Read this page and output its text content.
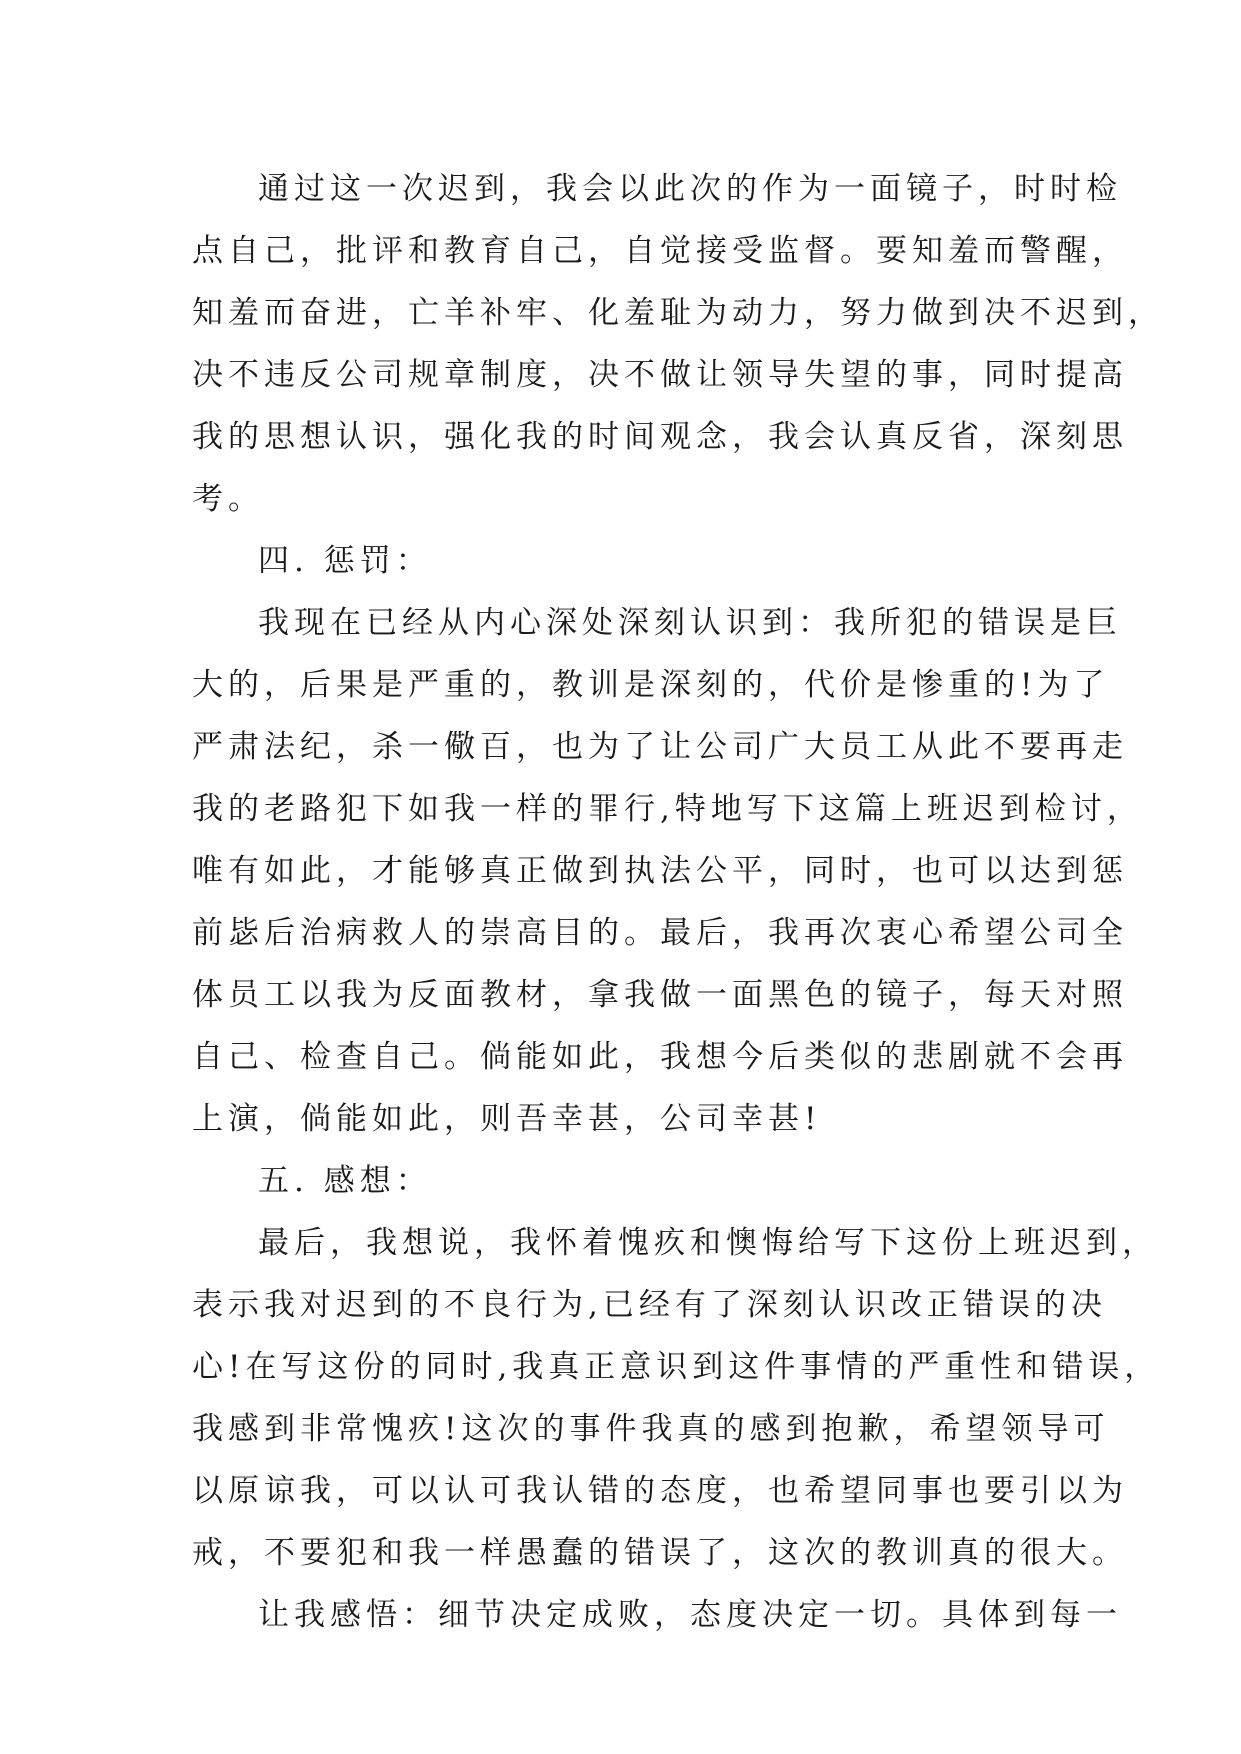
通过这一次迟到，我会以此次的作为一面镜子，时时检
点自己，批评和教育自己，自觉接受监督。要知羞而警醒，
知羞而奋进，亡羊补牢、化羞耻为动力，努力做到决不迟到，
决不违反公司规章制度，决不做让领导失望的事，同时提高
我的思想认识，强化我的时间观念，我会认真反省，深刻思
考。
四. 惩罚：
我现在已经从内心深处深刻认识到：我所犯的错误是巨
大的，后果是严重的，教训是深刻的，代价是惨重的!为了
严肃法纪，杀一儆百，也为了让公司广大员工从此不要再走
我的老路犯下如我一样的罪行,特地写下这篇上班迟到检讨，
唯有如此，才能够真正做到执法公平，同时，也可以达到惩
前毖后治病救人的崇高目的。最后，我再次衷心希望公司全
体员工以我为反面教材，拿我做一面黑色的镜子，每天对照
自己、检查自己。倘能如此，我想今后类似的悲剧就不会再
上演，倘能如此，则吾幸甚，公司幸甚!
五. 感想：
最后，我想说，我怀着愧疚和懊悔给写下这份上班迟到，
表示我对迟到的不良行为,已经有了深刻认识改正错误的决
心!在写这份的同时,我真正意识到这件事情的严重性和错误，
我感到非常愧疚!这次的事件我真的感到抱歉，希望领导可
以原谅我，可以认可我认错的态度，也希望同事也要引以为
戒，不要犯和我一样愚蠢的错误了，这次的教训真的很大。
让我感悟：细节决定成败，态度决定一切。具体到每一
